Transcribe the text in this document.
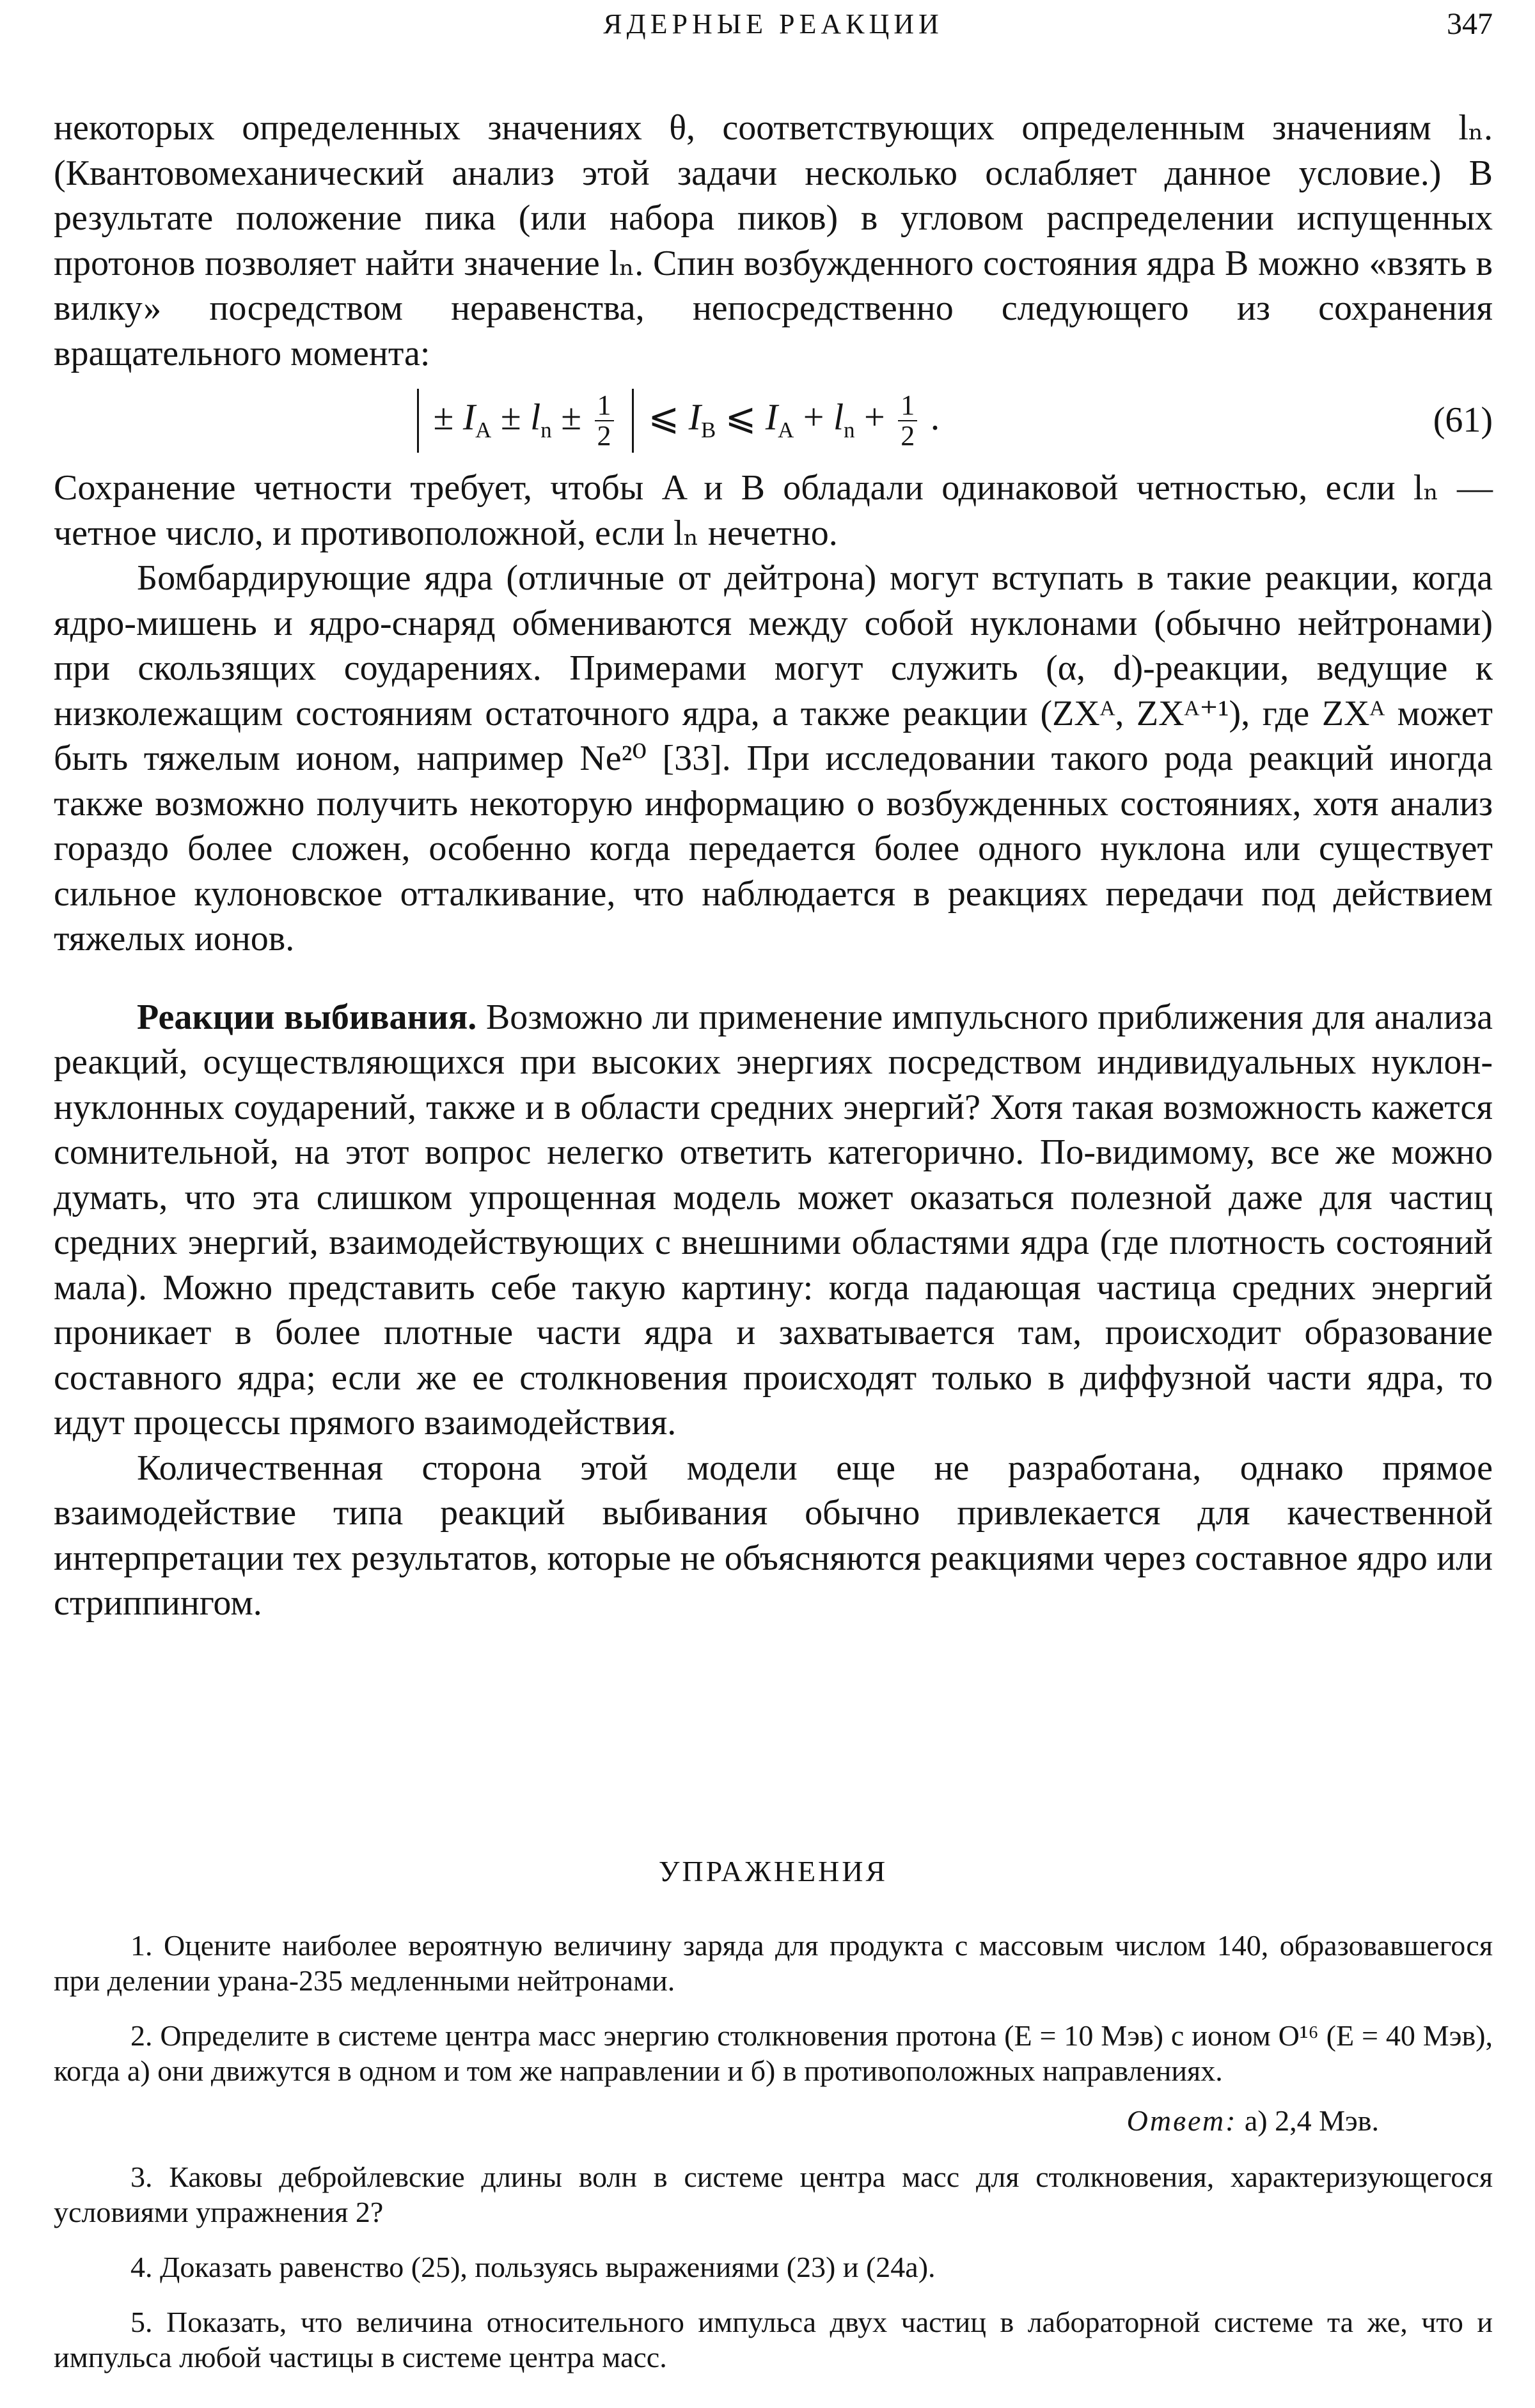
ЯДЕРНЫЕ РЕАКЦИИ	347

некоторых определенных значениях θ, соответствующих определенным значениям lₙ. (Квантовомеханический анализ этой задачи несколько ослабляет данное условие.) В результате положение пика (или набора пиков) в угловом распределении испущенных протонов позволяет найти значение lₙ. Спин возбужденного состояния ядра B можно «взять в вилку» посредством неравенства, непосредственно следующего из сохранения вращательного момента:

± $I_A \pm l_n \pm \frac{1}{2}$ ⩽ $I_B$ ⩽ $I_A + l_n + \frac{1}{2}$ .	(61)

Сохранение четности требует, чтобы A и B обладали одинаковой четностью, если lₙ — четное число, и противоположной, если lₙ нечетно.

Бомбардирующие ядра (отличные от дейтрона) могут вступать в такие реакции, когда ядро-мишень и ядро-снаряд обмениваются между собой нуклонами (обычно нейтронами) при скользящих соударениях. Примерами могут служить (α, d)-реакции, ведущие к низколежащим состояниям остаточного ядра, а также реакции (ZXᴬ, ZXᴬ⁺¹), где ZXᴬ может быть тяжелым ионом, например Ne²⁰ [33]. При исследовании такого рода реакций иногда также возможно получить некоторую информацию о возбужденных состояниях, хотя анализ гораздо более сложен, особенно когда передается более одного нуклона или существует сильное кулоновское отталкивание, что наблюдается в реакциях передачи под действием тяжелых ионов.

Реакции выбивания. Возможно ли применение импульсного приближения для анализа реакций, осуществляющихся при высоких энергиях посредством индивидуальных нуклон-нуклонных соударений, также и в области средних энергий? Хотя такая возможность кажется сомнительной, на этот вопрос нелегко ответить категорично. По-видимому, все же можно думать, что эта слишком упрощенная модель может оказаться полезной даже для частиц средних энергий, взаимодействующих с внешними областями ядра (где плотность состояний мала). Можно представить себе такую картину: когда падающая частица средних энергий проникает в более плотные части ядра и захватывается там, происходит образование составного ядра; если же ее столкновения происходят только в диффузной части ядра, то идут процессы прямого взаимодействия.

Количественная сторона этой модели еще не разработана, однако прямое взаимодействие типа реакций выбивания обычно привлекается для качественной интерпретации тех результатов, которые не объясняются реакциями через составное ядро или стриппингом.

УПРАЖНЕНИЯ

1. Оцените наиболее вероятную величину заряда для продукта с массовым числом 140, образовавшегося при делении урана-235 медленными нейтронами.

2. Определите в системе центра масс энергию столкновения протона (E = 10 Мэв) с ионом O¹⁶ (E = 40 Мэв), когда а) они движутся в одном и том же направлении и б) в противоположных направлениях.

Ответ: а) 2,4 Мэв.

3. Каковы дебройлевские длины волн в системе центра масс для столкновения, характеризующегося условиями упражнения 2?

4. Доказать равенство (25), пользуясь выражениями (23) и (24а).

5. Показать, что величина относительного импульса двух частиц в лабораторной системе та же, что и импульса любой частицы в системе центра масс.
